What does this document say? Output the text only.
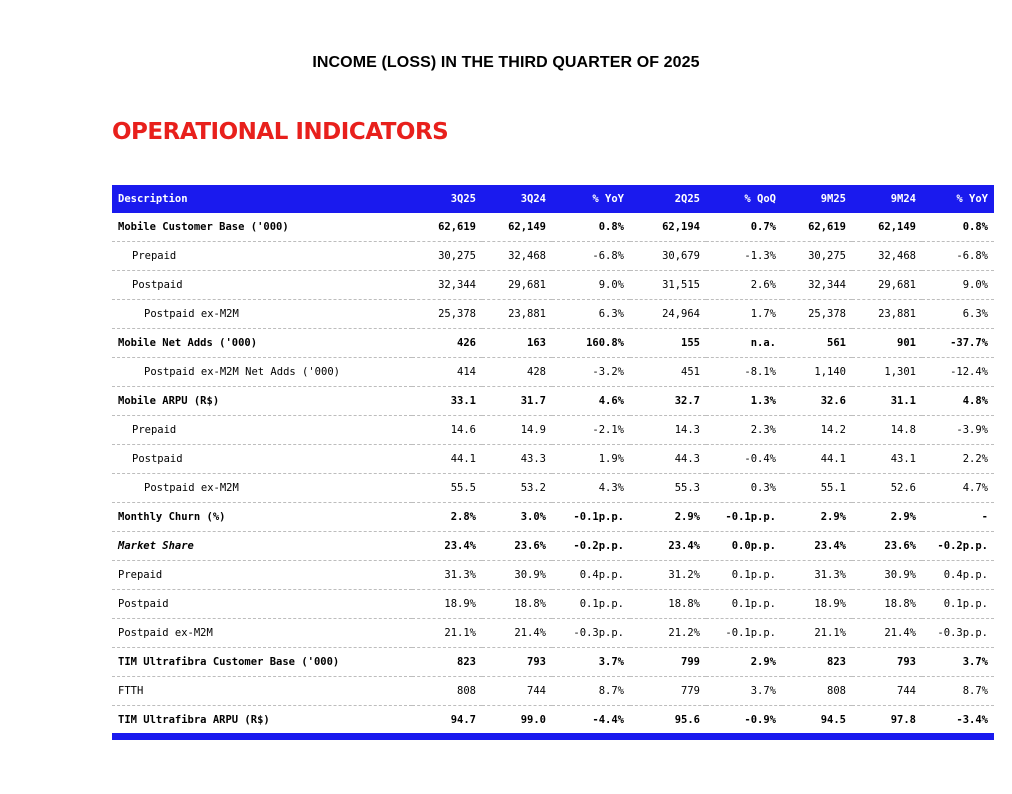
INCOME (LOSS) IN THE THIRD QUARTER OF 2025
OPERATIONAL INDICATORS
Description	3Q25	3Q24	% YoY	2Q25	% QoQ	9M25	9M24	% YoY
Mobile Customer Base ('000)	62,619	62,149	0.8%	62,194	0.7%	62,619	62,149	0.8%
Prepaid	30,275	32,468	-6.8%	30,679	-1.3%	30,275	32,468	-6.8%
Postpaid	32,344	29,681	9.0%	31,515	2.6%	32,344	29,681	9.0%
Postpaid ex-M2M	25,378	23,881	6.3%	24,964	1.7%	25,378	23,881	6.3%
Mobile Net Adds ('000)	426	163	160.8%	155	n.a.	561	901	-37.7%
Postpaid ex-M2M Net Adds ('000)	414	428	-3.2%	451	-8.1%	1,140	1,301	-12.4%
Mobile ARPU (R$)	33.1	31.7	4.6%	32.7	1.3%	32.6	31.1	4.8%
Prepaid	14.6	14.9	-2.1%	14.3	2.3%	14.2	14.8	-3.9%
Postpaid	44.1	43.3	1.9%	44.3	-0.4%	44.1	43.1	2.2%
Postpaid ex-M2M	55.5	53.2	4.3%	55.3	0.3%	55.1	52.6	4.7%
Monthly Churn (%)	2.8%	3.0%	-0.1p.p.	2.9%	-0.1p.p.	2.9%	2.9%	-
Market Share	23.4%	23.6%	-0.2p.p.	23.4%	0.0p.p.	23.4%	23.6%	-0.2p.p.
Prepaid	31.3%	30.9%	0.4p.p.	31.2%	0.1p.p.	31.3%	30.9%	0.4p.p.
Postpaid	18.9%	18.8%	0.1p.p.	18.8%	0.1p.p.	18.9%	18.8%	0.1p.p.
Postpaid ex-M2M	21.1%	21.4%	-0.3p.p.	21.2%	-0.1p.p.	21.1%	21.4%	-0.3p.p.
TIM Ultrafibra Customer Base ('000)	823	793	3.7%	799	2.9%	823	793	3.7%
FTTH	808	744	8.7%	779	3.7%	808	744	8.7%
TIM Ultrafibra ARPU (R$)	94.7	99.0	-4.4%	95.6	-0.9%	94.5	97.8	-3.4%
